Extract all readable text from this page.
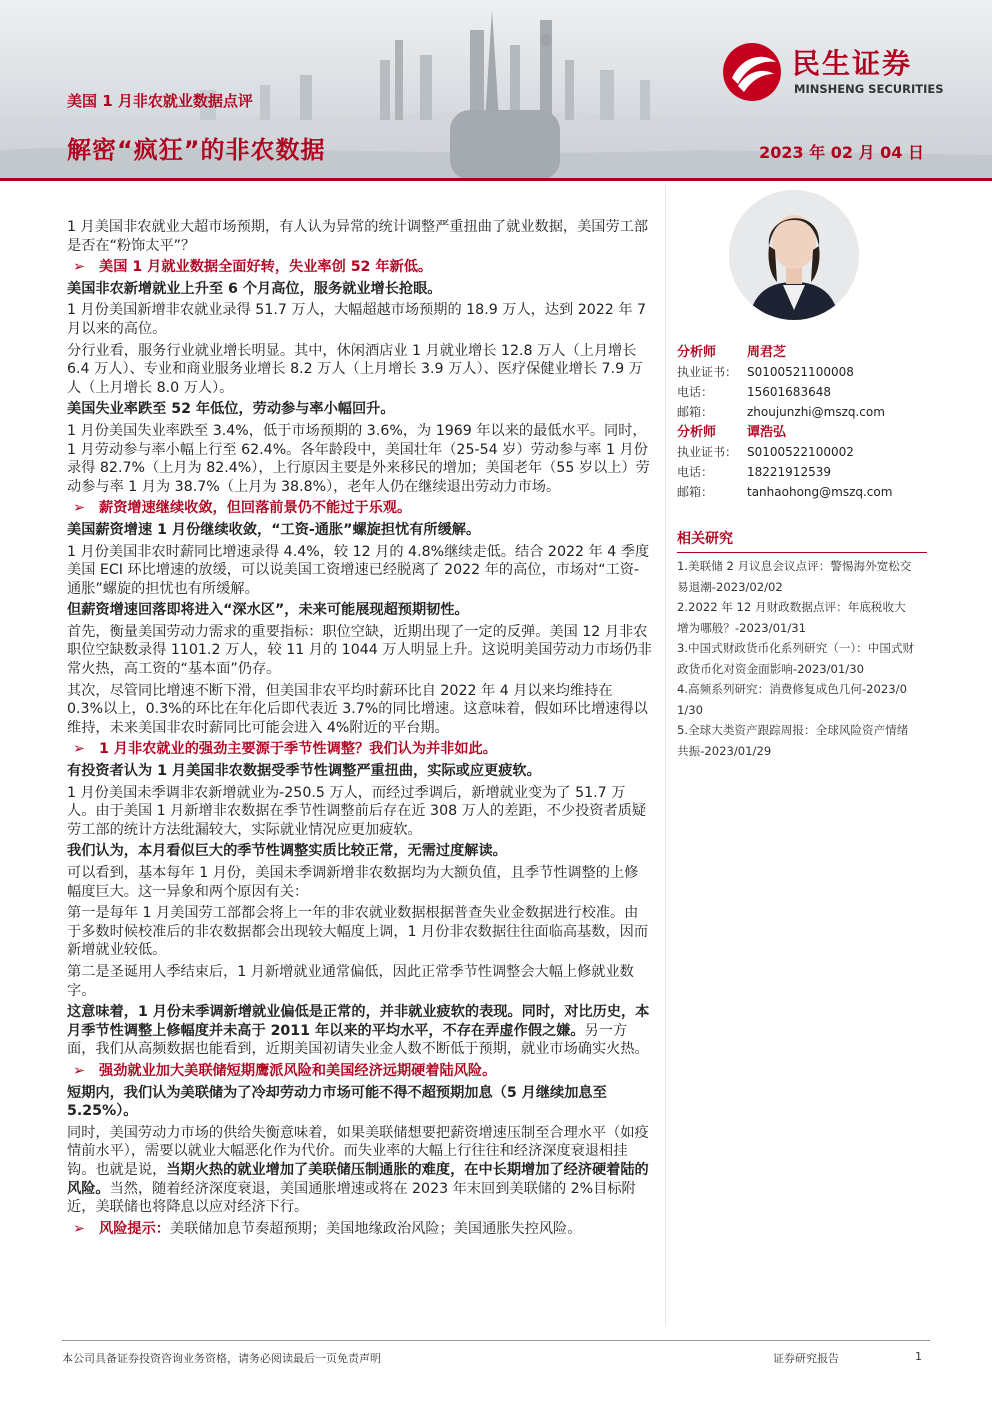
美国 1 月非农就业数据点评
解密“疯狂”的非农数据	2023 年 02 月 04 日
民生证券
MINSHENG SECURITIES

1 月美国非农就业大超市场预期，有人认为异常的统计调整严重扭曲了就业数据，美国劳工部是否在“粉饰太平”？

➢ 美国 1 月就业数据全面好转，失业率创 52 年新低。

美国非农新增就业上升至 6 个月高位，服务就业增长抢眼。

1 月份美国新增非农就业录得 51.7 万人，大幅超越市场预期的 18.9 万人，达到 2022 年 7 月以来的高位。

分行业看，服务行业就业增长明显。其中，休闲酒店业 1 月就业增长 12.8 万人（上月增长 6.4 万人）、专业和商业服务业增长 8.2 万人（上月增长 3.9 万人）、医疗保健业增长 7.9 万人（上月增长 8.0 万人）。

美国失业率跌至 52 年低位，劳动参与率小幅回升。

1 月份美国失业率跌至 3.4%，低于市场预期的 3.6%，为 1969 年以来的最低水平。同时，1 月劳动参与率小幅上行至 62.4%。各年龄段中，美国壮年（25-54 岁）劳动参与率 1 月份录得 82.7%（上月为 82.4%），上行原因主要是外来移民的增加；美国老年（55 岁以上）劳动参与率 1 月为 38.7%（上月为 38.8%），老年人仍在继续退出劳动力市场。

➢ 薪资增速继续收敛，但回落前景仍不能过于乐观。

美国薪资增速 1 月份继续收敛，“工资-通胀”螺旋担忧有所缓解。

1 月份美国非农时薪同比增速录得 4.4%，较 12 月的 4.8%继续走低。结合 2022 年 4 季度美国 ECI 环比增速的放缓，可以说美国工资增速已经脱离了 2022 年的高位，市场对“工资-通胀”螺旋的担忧也有所缓解。

但薪资增速回落即将进入“深水区”，未来可能展现超预期韧性。

首先，衡量美国劳动力需求的重要指标：职位空缺，近期出现了一定的反弹。美国 12 月非农职位空缺数录得 1101.2 万人，较 11 月的 1044 万人明显上升。这说明美国劳动力市场仍非常火热，高工资的“基本面”仍存。

其次，尽管同比增速不断下滑，但美国非农平均时薪环比自 2022 年 4 月以来均维持在 0.3%以上，0.3%的环比在年化后即代表近 3.7%的同比增速。这意味着，假如环比增速得以维持，未来美国非农时薪同比可能会进入 4%附近的平台期。

➢ 1 月非农就业的强劲主要源于季节性调整？我们认为并非如此。

有投资者认为 1 月美国非农数据受季节性调整严重扭曲，实际或应更疲软。

1 月份美国未季调非农新增就业为-250.5 万人，而经过季调后，新增就业变为了 51.7 万人。由于美国 1 月新增非农数据在季节性调整前后存在近 308 万人的差距，不少投资者质疑劳工部的统计方法纰漏较大，实际就业情况应更加疲软。

我们认为，本月看似巨大的季节性调整实质比较正常，无需过度解读。

可以看到，基本每年 1 月份，美国未季调新增非农数据均为大额负值，且季节性调整的上修幅度巨大。这一异象和两个原因有关：

第一是每年 1 月美国劳工部都会将上一年的非农就业数据根据普查失业金数据进行校准。由于多数时候校准后的非农数据都会出现较大幅度上调，1 月份非农数据往往面临高基数，因而新增就业较低。

第二是圣诞用人季结束后，1 月新增就业通常偏低，因此正常季节性调整会大幅上修就业数字。

这意味着，1 月份未季调新增就业偏低是正常的，并非就业疲软的表现。同时，对比历史，本月季节性调整上修幅度并未高于 2011 年以来的平均水平，不存在弄虚作假之嫌。另一方面，我们从高频数据也能看到，近期美国初请失业金人数不断低于预期，就业市场确实火热。

➢ 强劲就业加大美联储短期鹰派风险和美国经济远期硬着陆风险。

短期内，我们认为美联储为了冷却劳动力市场可能不得不超预期加息（5 月继续加息至 5.25%）。

同时，美国劳动力市场的供给失衡意味着，如果美联储想要把薪资增速压制至合理水平（如疫情前水平），需要以就业大幅恶化作为代价。而失业率的大幅上行往往和经济深度衰退相挂钩。也就是说，当期火热的就业增加了美联储压制通胀的难度，在中长期增加了经济硬着陆的风险。当然，随着经济深度衰退，美国通胀增速或将在 2023 年末回到美联储的 2%目标附近，美联储也将降息以应对经济下行。

➢ 风险提示：美联储加息节奏超预期；美国地缘政治风险；美国通胀失控风险。

分析师 周君芝
执业证书： S0100521100008
电话：	15601683648
邮箱：	zhoujunzhi@mszq.com
分析师 谭浩弘
执业证书： S0100522100002
电话：	18221912539
邮箱：	tanhaohong@mszq.com
相关研究
1.美联储 2 月议息会议点评：警惕海外宽松交
易退潮-2023/02/02
2.2022 年 12 月财政数据点评：年底税收大
增为哪般？-2023/01/31
3.中国式财政货币化系列研究（一）：中国式财
政货币化对资金面影响-2023/01/30
4.高频系列研究：消费修复成色几何-2023/0
1/30
5.全球大类资产跟踪周报：全球风险资产情绪
共振-2023/01/29
本公司具备证券投资咨询业务资格，请务必阅读最后一页免责声明	证券研究报告	1
